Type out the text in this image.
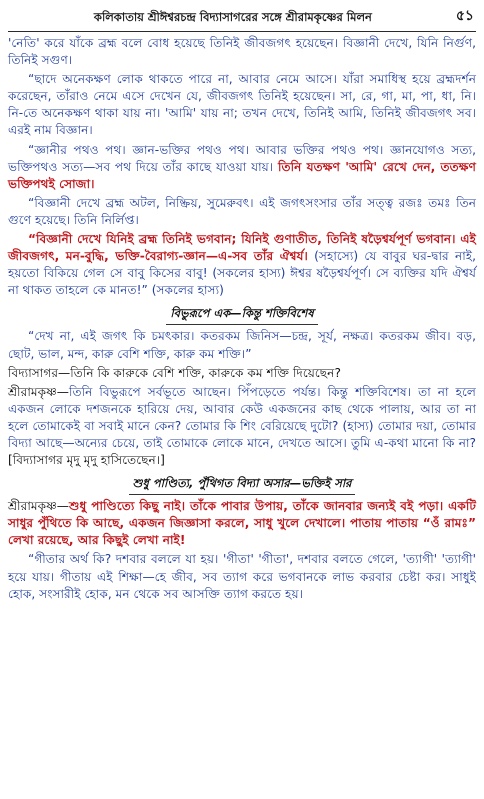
কলিকাতায় শ্রীঈশ্বরচন্দ্র বিদ্যাসাগরের সঙ্গে শ্রীরামকৃষ্ণের মিলন	৫১

'নেতি' করে যাঁকে ব্রহ্ম বলে বোধ হয়েছে তিনিই জীবজগৎ হয়েছেন। বিজ্ঞানী দেখে, যিনি নির্গুণ, তিনিই সগুণ।

“ছাদে অনেকক্ষণ লোক থাকতে পারে না, আবার নেমে আসে। যাঁরা সমাধিস্থ হয়ে ব্রহ্মদর্শন করেছেন, তাঁরাও নেমে এসে দেখেন যে, জীবজগৎ তিনিই হয়েছেন। সা, রে, গা, মা, পা, ধা, নি। নি-তে অনেকক্ষণ থাকা যায় না। 'আমি' যায় না; তখন দেখে, তিনিই আমি, তিনিই জীবজগৎ সব। এরই নাম বিজ্ঞান।

“জ্ঞানীর পথও পথ। জ্ঞান-ভক্তির পথও পথ। আবার ভক্তির পথও পথ। জ্ঞানযোগও সত্য, ভক্তিপথও সত্য—সব পথ দিয়ে তাঁর কাছে যাওয়া যায়। তিনি যতক্ষণ 'আমি' রেখে দেন, ততক্ষণ ভক্তিপথই সোজা।

“বিজ্ঞানী দেখে ব্রহ্ম অটল, নিষ্ক্রিয়, সুমেরুবৎ। এই জগৎসংসার তাঁর সত্ত্ব রজঃ তমঃ তিন গুণে হয়েছে। তিনি নির্লিপ্ত।

“বিজ্ঞানী দেখে যিনিই ব্রহ্ম তিনিই ভগবান; যিনিই গুণাতীত, তিনিই ষড়ৈশ্বর্যপূর্ণ ভগবান। এই জীবজগৎ, মন-বুদ্ধি, ভক্তি-বৈরাগ্য-জ্ঞান—এ-সব তাঁর ঐশ্বর্য। (সহাস্যে) যে বাবুর ঘর-দ্বার নাই, হয়তো বিকিয়ে গেল সে বাবু কিসের বাবু! (সকলের হাস্য) ঈশ্বর ষড়ৈশ্বর্যপূর্ণ। সে ব্যক্তির যদি ঐশ্বর্য না থাকত তাহলে কে মানত!” (সকলের হাস্য)

বিভুরূপে এক—কিন্তু শক্তিবিশেষ

“দেখ না, এই জগৎ কি চমৎকার। কতরকম জিনিস—চন্দ্র, সূর্য, নক্ষত্র। কতরকম জীব। বড়, ছোট, ভাল, মন্দ, কারু বেশি শক্তি, কারু কম শক্তি।”

বিদ্যাসাগর—তিনি কি কারুকে বেশি শক্তি, কারুকে কম শক্তি দিয়েছেন?

শ্রীরামকৃষ্ণ—তিনি বিভুরূপে সর্বভূতে আছেন। পিঁপড়েতে পর্যন্ত। কিন্তু শক্তিবিশেষ। তা না হলে একজন লোকে দশজনকে হারিয়ে দেয়, আবার কেউ একজনের কাছ থেকে পালায়, আর তা না হলে তোমাকেই বা সবাই মানে কেন? তোমার কি শিং বেরিয়েছে দুটো? (হাস্য) তোমার দয়া, তোমার বিদ্যা আছে—অন্যের চেয়ে, তাই তোমাকে লোকে মানে, দেখতে আসে। তুমি এ-কথা মানো কি না? [বিদ্যাসাগর মৃদু মৃদু হাসিতেছেন।]

শুধু পাণ্ডিত্য, পুঁথিগত বিদ্যা অসার—ভক্তিই সার

শ্রীরামকৃষ্ণ—শুধু পাণ্ডিত্যে কিছু নাই। তাঁকে পাবার উপায়, তাঁকে জানবার জন্যই বই পড়া। একটি সাধুর পুঁথিতে কি আছে, একজন জিজ্ঞাসা করলে, সাধু খুলে দেখালে। পাতায় পাতায় “ওঁ রামঃ” লেখা রয়েছে, আর কিছুই লেখা নাই!

“গীতার অর্থ কি? দশবার বললে যা হয়। 'গীতা' 'গীতা', দশবার বলতে গেলে, 'ত্যাগী' 'ত্যাগী' হয়ে যায়। গীতায় এই শিক্ষা—হে জীব, সব ত্যাগ করে ভগবানকে লাভ করবার চেষ্টা কর। সাধুই হোক, সংসারীই হোক, মন থেকে সব আসক্তি ত্যাগ করতে হয়।
